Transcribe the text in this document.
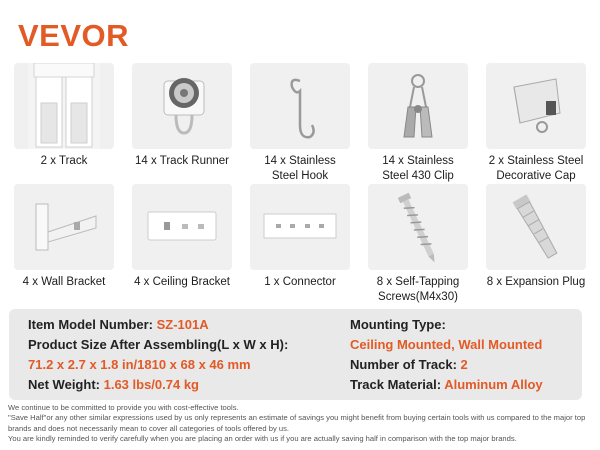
VEVOR
2 x Track	14 x Track Runner	14 x Stainless
Steel Hook
14 x Stainless
Steel 430 Clip
2 x Stainless Steel
Decorative Cap
4 x Wall Bracket	4 x Ceiling Bracket	1 x Connector	8 x Self-Tapping
Screws(M4x30)
8 x Expansion Plug
Item Model Number: SZ-101A
Product Size After Assembling(L x W x H):
71.2 x 2.7 x 1.8 in/1810 x 68 x 46 mm
Net Weight: 1.63 lbs/0.74 kg
Mounting Type:
Ceiling Mounted, Wall Mounted
Number of Track: 2
Track Material: Aluminum Alloy

We continue to be committed to provide you with cost-effective tools.

"Save Half"or any other similar expressions used by us only represents an estimate of savings you might benefit from buying certain tools with us compared to the major top brands and does not necessarily mean to cover all categories of tools offered by us.

You are kindly reminded to verify carefully when you are placing an order with us if you are actually saving half in comparison with the top major brands.
